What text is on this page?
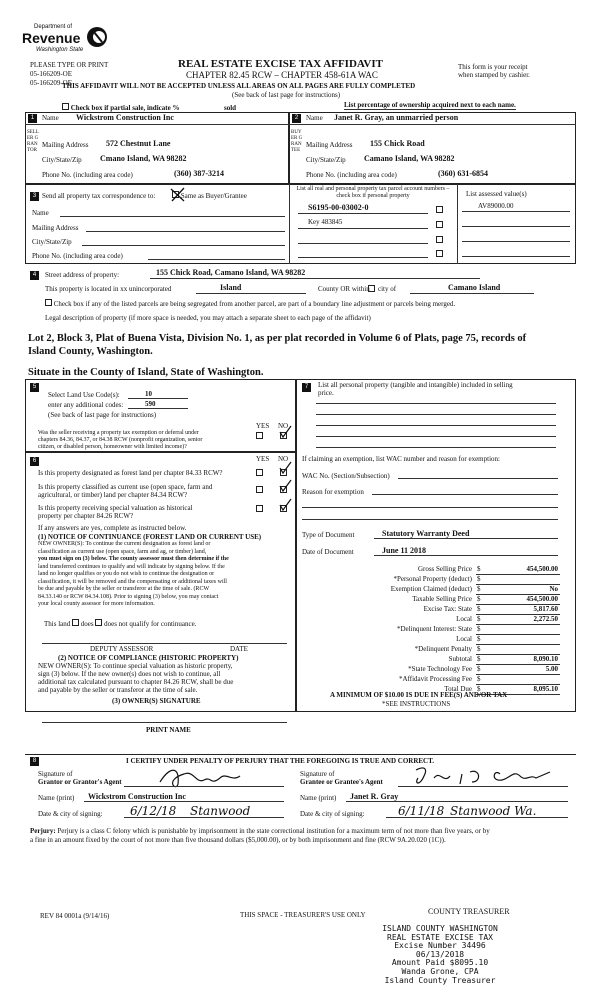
Department of
Revenue
Washington State
PLEASE TYPE OR PRINT
05-166209-OE
05-166209-OE
REAL ESTATE EXCISE TAX AFFIDAVIT
CHAPTER 82.45 RCW – CHAPTER 458-61A WAC
This form is your receipt
when stamped by cashier.
THIS AFFIDAVIT WILL NOT BE ACCEPTED UNLESS ALL AREAS ON ALL PAGES ARE FULLY COMPLETED
(See back of last page for instructions)
Check box if partial sale, indicate %	sold	List percentage of ownership acquired next to each name.
1	Name Wickstrom Construction Inc
SELLER GRANTOR
Mailing Address 572 Chestnut Lane
City/State/Zip Cmano Island, WA 98282
Phone No. (including area code)	(360) 387-3214
2	Name Janet R. Gray, an unmarried person
BUYER GRANTEE
Mailing Address 155 Chick Road
City/State/Zip Camano Island, WA 98282
Phone No. (including area code)	(360) 631-6854
3 Send all property tax correspondence to:	Same as Buyer/Grantee
Name
Mailing Address
City/State/Zip
Phone No. (including area code)
List all real and personal property tax parcel account numbers – check box if personal property
S6195-00-03002-0
Key 483845
List assessed value(s)
AV89000.00
4	Street address of property:	155 Chick Road, Camano Island, WA 98282
This property is located in xx unincorporated	Island	County OR within city of	Camano Island
Check box if any of the listed parcels are being segregated from another parcel, are part of a boundary line adjustment or parcels being merged.
Legal description of property (if more space is needed, you may attach a separate sheet to each page of the affidavit)
Lot 2, Block 3, Plat of Buena Vista, Division No. 1, as per plat recorded in Volume 6 of Plats, page 75, records of
Island County, Washington.
Situate in the County of Island, State of Washington.
5
Select Land Use Code(s):	10
enter any additional codes:	590
(See back of last page for instructions)
YES NO
Was the seller receiving a property tax exemption or deferral under
chapters 84.36, 84.37, or 84.38 RCW (nonprofit organization, senior
citizen, or disabled person, homeowner with limited income)?
6	YES NO
Is this property designated as forest land per chapter 84.33 RCW?
Is this property classified as current use (open space, farm and
agricultural, or timber) land per chapter 84.34 RCW?
Is this property receiving special valuation as historical
property per chapter 84.26 RCW?
If any answers are yes, complete as instructed below.
(1) NOTICE OF CONTINUANCE (FOREST LAND OR CURRENT USE)
NEW OWNER(S): To continue the current designation as forest land or
classification as current use (open space, farm and ag, or timber) land,
you must sign on (3) below. The county assessor must then determine if the
land transferred continues to qualify and will indicate by signing below. If the
land no longer qualifies or you do not wish to continue the designation or
classification, it will be removed and the compensating or additional taxes will
be due and payable by the seller or transferor at the time of sale. (RCW
84.33.140 or RCW 84.34.108). Prior to signing (3) below, you may contact
your local county assessor for more information.
This land does does not qualify for continuance.
DEPUTY ASSESSOR	DATE
(2) NOTICE OF COMPLIANCE (HISTORIC PROPERTY)
NEW OWNER(S): To continue special valuation as historic property,
sign (3) below. If the new owner(s) does not wish to continue, all
additional tax calculated pursuant to chapter 84.26 RCW, shall be due
and payable by the seller or transferor at the time of sale.
(3) OWNER(S) SIGNATURE
PRINT NAME
7	List all personal property (tangible and intangible) included in selling
price.
If claiming an exemption, list WAC number and reason for exemption:
WAC No. (Section/Subsection)
Reason for exemption
Type of Document	Statutory Warranty Deed
Date of Document	June 11 2018
Gross Selling Price $	454,500.00
*Personal Property (deduct) $
Exemption Claimed (deduct) $	No
Taxable Selling Price $	454,500.00
Excise Tax: State $	5,817.60
Local $	2,272.50
*Delinquent Interest: State $
Local $
*Delinquent Penalty $
Subtotal $	8,090.10
*State Technology Fee $	5.00
*Affidavit Processing Fee $
Total Due $	8,095.10
A MINIMUM OF $10.00 IS DUE IN FEE(S) AND/OR TAX
*SEE INSTRUCTIONS
8	I CERTIFY UNDER PENALTY OF PERJURY THAT THE FOREGOING IS TRUE AND CORRECT.
Signature of
Grantor or Grantor's Agent
Signature of
Grantee or Grantee's Agent
Name (print) Wickstrom Construction Inc	Name (print) Janet R. Gray
Date & city of signing: 6/12/18 Stanwood	Date & city of signing:	6/11/18 Stanwood Wa.
Perjury: Perjury is a class C felony which is punishable by imprisonment in the state correctional institution for a maximum term of not more than five years, or by
a fine in an amount fixed by the court of not more than five thousand dollars ($5,000.00), or by both imprisonment and fine (RCW 9A.20.020 (1C)).
REV 84 0001a (9/14/16)	THIS SPACE - TREASURER'S USE ONLY	COUNTY TREASURER
ISLAND COUNTY WASHINGTON
REAL ESTATE EXCISE TAX
Excise Number 34496
06/13/2018
Amount Paid $8095.10
Wanda Grone, CPA
Island County Treasurer
